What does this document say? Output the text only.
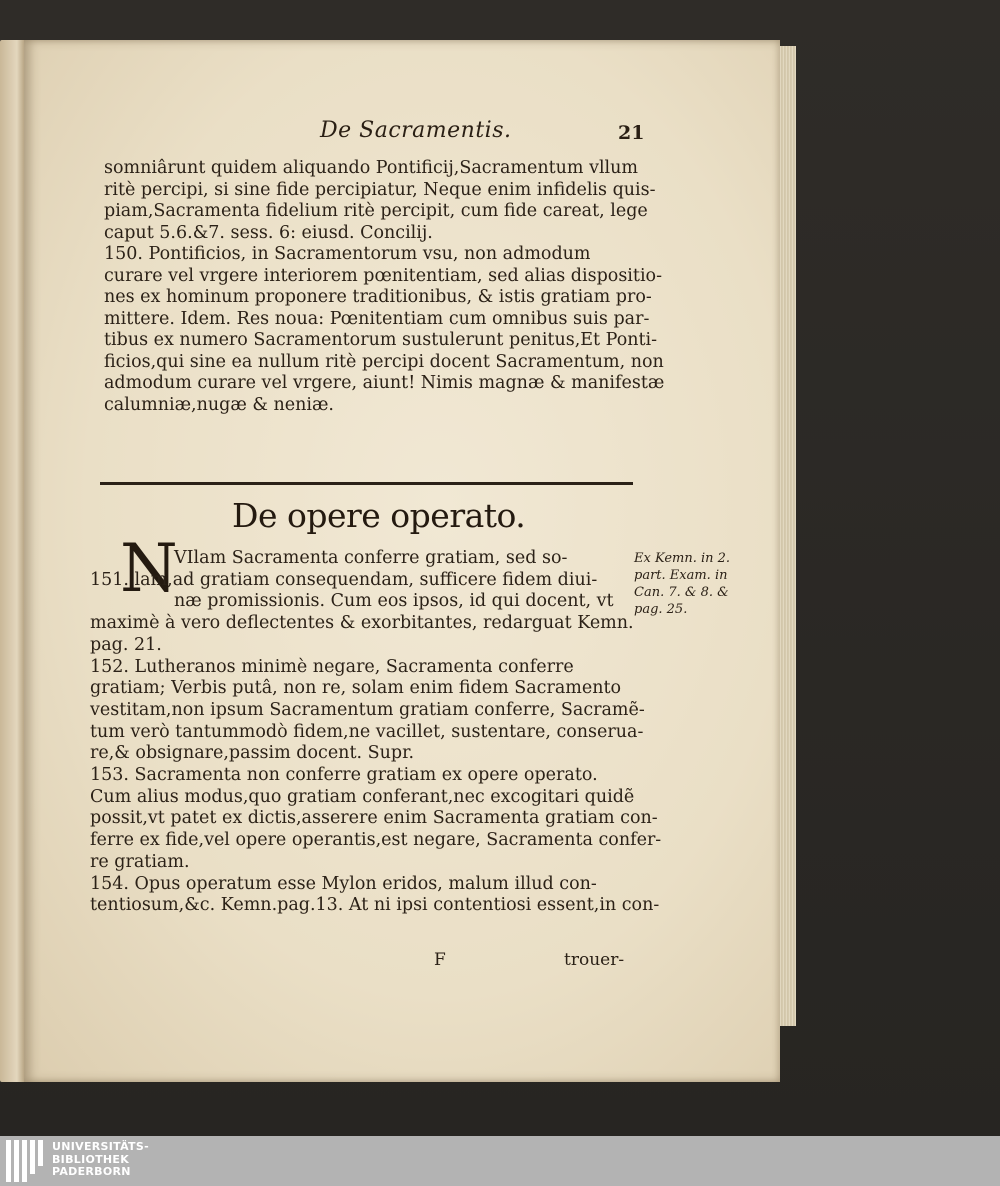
De Sacramentis.	21
somniârunt quidem aliquando Pontificij,Sacramentum vllum
ritè percipi, si sine fide percipiatur, Neque enim infidelis quis-
piam,Sacramenta fidelium ritè percipit, cum fide careat, lege
caput 5.6.&7. sess. 6: eiusd. Concilij.
150. Pontificios, in Sacramentorum vsu, non admodum
curare vel vrgere interiorem pœnitentiam, sed alias dispositio-
nes ex hominum proponere traditionibus, & istis gratiam pro-
mittere. Idem. Res noua: Pœnitentiam cum omnibus suis par-
tibus ex numero Sacramentorum sustulerunt penitus,Et Ponti-
ficios,qui sine ea nullum ritè percipi docent Sacramentum, non
admodum curare vel vrgere, aiunt! Nimis magnæ & manifestæ
calumniæ,nugæ & neniæ.
De opere operato.
N
VIlam Sacramenta conferre gratiam, sed so-
151. lam,ad gratiam consequendam, sufficere fidem diui-
næ promissionis. Cum eos ipsos, id qui docent, vt
maximè à vero deflectentes & exorbitantes, redarguat Kemn.
pag. 21.
152. Lutheranos minimè negare, Sacramenta conferre
gratiam; Verbis putâ, non re, solam enim fidem Sacramento
vestitam,non ipsum Sacramentum gratiam conferre, Sacramẽ-
tum verò tantummodò fidem,ne vacillet, sustentare, conserua-
re,& obsignare,passim docent. Supr.
153. Sacramenta non conferre gratiam ex opere operato.
Cum alius modus,quo gratiam conferant,nec excogitari quidẽ
possit,vt patet ex dictis,asserere enim Sacramenta gratiam con-
ferre ex fide,vel opere operantis,est negare, Sacramenta confer-
re gratiam.
154. Opus operatum esse Mylon eridos, malum illud con-
tentiosum,&c. Kemn.pag.13. At ni ipsi contentiosi essent,in con-
Ex Kemn. in 2.
part. Exam. in
Can. 7. & 8. &
pag. 25.
F	trouer-
UNIVERSITÄTS-
BIBLIOTHEK
PADERBORN
